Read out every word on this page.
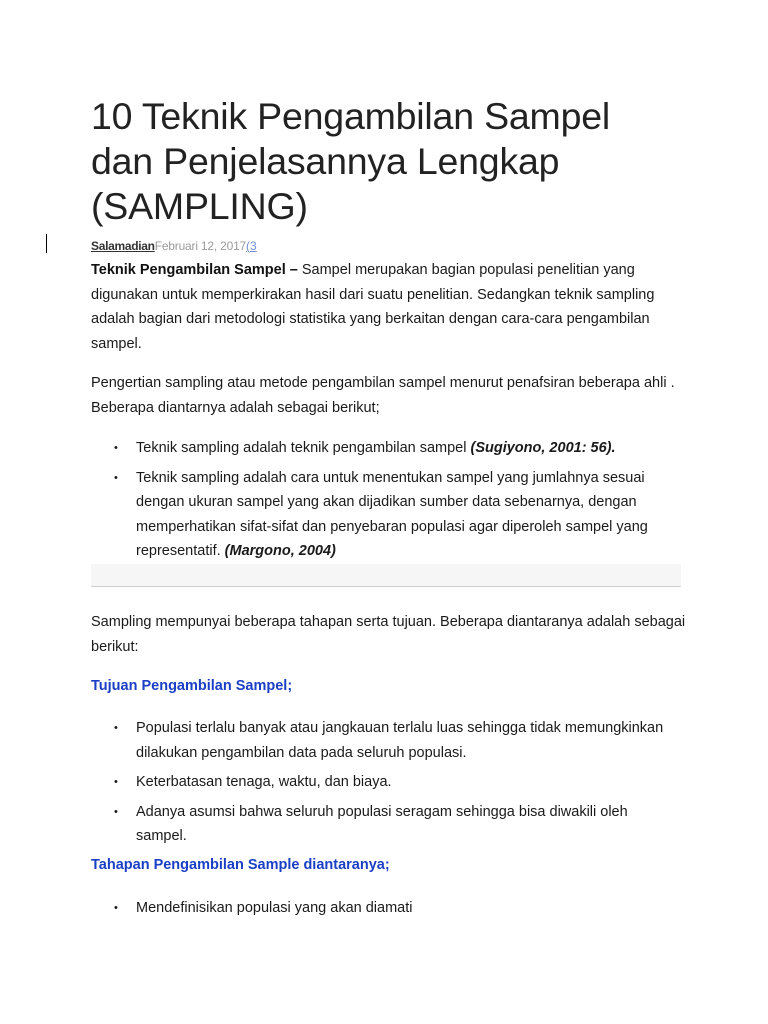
10 Teknik Pengambilan Sampel dan Penjelasannya Lengkap (SAMPLING)
SalamadianFebruari 12, 2017(3

Teknik Pengambilan Sampel – Sampel merupakan bagian populasi penelitian yang digunakan untuk memperkirakan hasil dari suatu penelitian. Sedangkan teknik sampling adalah bagian dari metodologi statistika yang berkaitan dengan cara-cara pengambilan sampel.

Pengertian sampling atau metode pengambilan sampel menurut penafsiran beberapa ahli . Beberapa diantarnya adalah sebagai berikut;

• Teknik sampling adalah teknik pengambilan sampel (Sugiyono, 2001: 56).
• Teknik sampling adalah cara untuk menentukan sampel yang jumlahnya sesuai dengan ukuran sampel yang akan dijadikan sumber data sebenarnya, dengan memperhatikan sifat-sifat dan penyebaran populasi agar diperoleh sampel yang representatif. (Margono, 2004)

Sampling mempunyai beberapa tahapan serta tujuan. Beberapa diantaranya adalah sebagai berikut:

Tujuan Pengambilan Sampel;
• Populasi terlalu banyak atau jangkauan terlalu luas sehingga tidak memungkinkan dilakukan pengambilan data pada seluruh populasi.
• Keterbatasan tenaga, waktu, dan biaya.
• Adanya asumsi bahwa seluruh populasi seragam sehingga bisa diwakili oleh sampel.
Tahapan Pengambilan Sample diantaranya;
• Mendefinisikan populasi yang akan diamati
